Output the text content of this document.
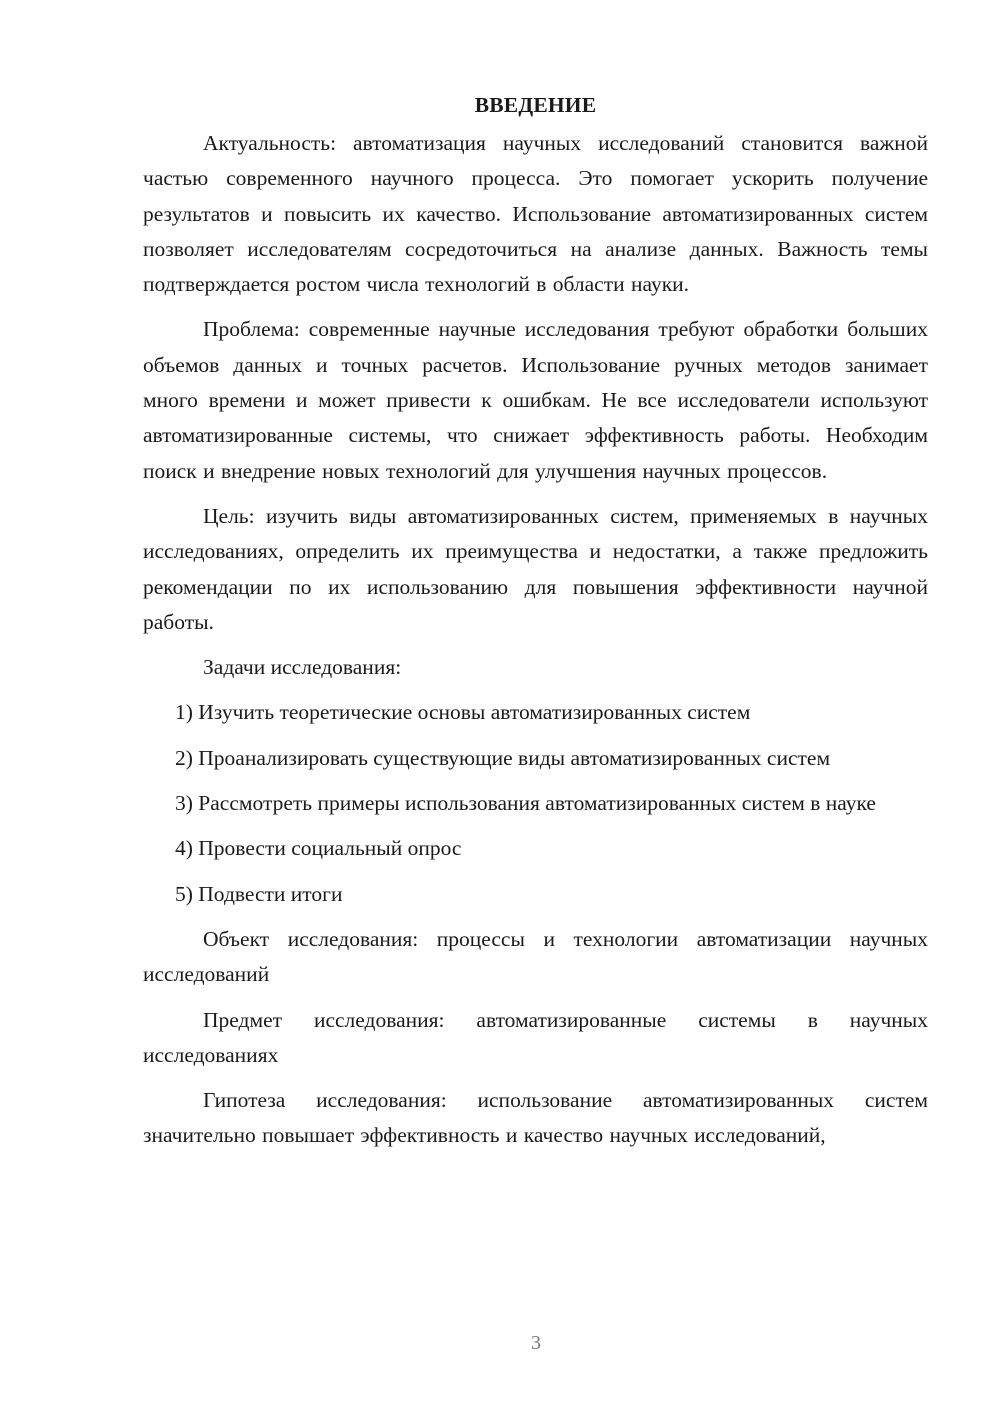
ВВЕДЕНИЕ

Актуальность: автоматизация научных исследований становится важной частью современного научного процесса. Это помогает ускорить получение результатов и повысить их качество. Использование автоматизированных систем позволяет исследователям сосредоточиться на анализе данных. Важность темы подтверждается ростом числа технологий в области науки.

Проблема: современные научные исследования требуют обработки больших объемов данных и точных расчетов. Использование ручных методов занимает много времени и может привести к ошибкам. Не все исследователи используют автоматизированные системы, что снижает эффективность работы. Необходим поиск и внедрение новых технологий для улучшения научных процессов.

Цель: изучить виды автоматизированных систем, применяемых в научных исследованиях, определить их преимущества и недостатки, а также предложить рекомендации по их использованию для повышения эффективности научной работы.

Задачи исследования:

1) Изучить теоретические основы автоматизированных систем

2) Проанализировать существующие виды автоматизированных систем

3) Рассмотреть примеры использования автоматизированных систем в науке

4) Провести социальный опрос

5) Подвести итоги

Объект исследования: процессы и технологии автоматизации научных исследований

Предмет исследования: автоматизированные системы в научных исследованиях

Гипотеза исследования: использование автоматизированных систем значительно повышает эффективность и качество научных исследований,

3
